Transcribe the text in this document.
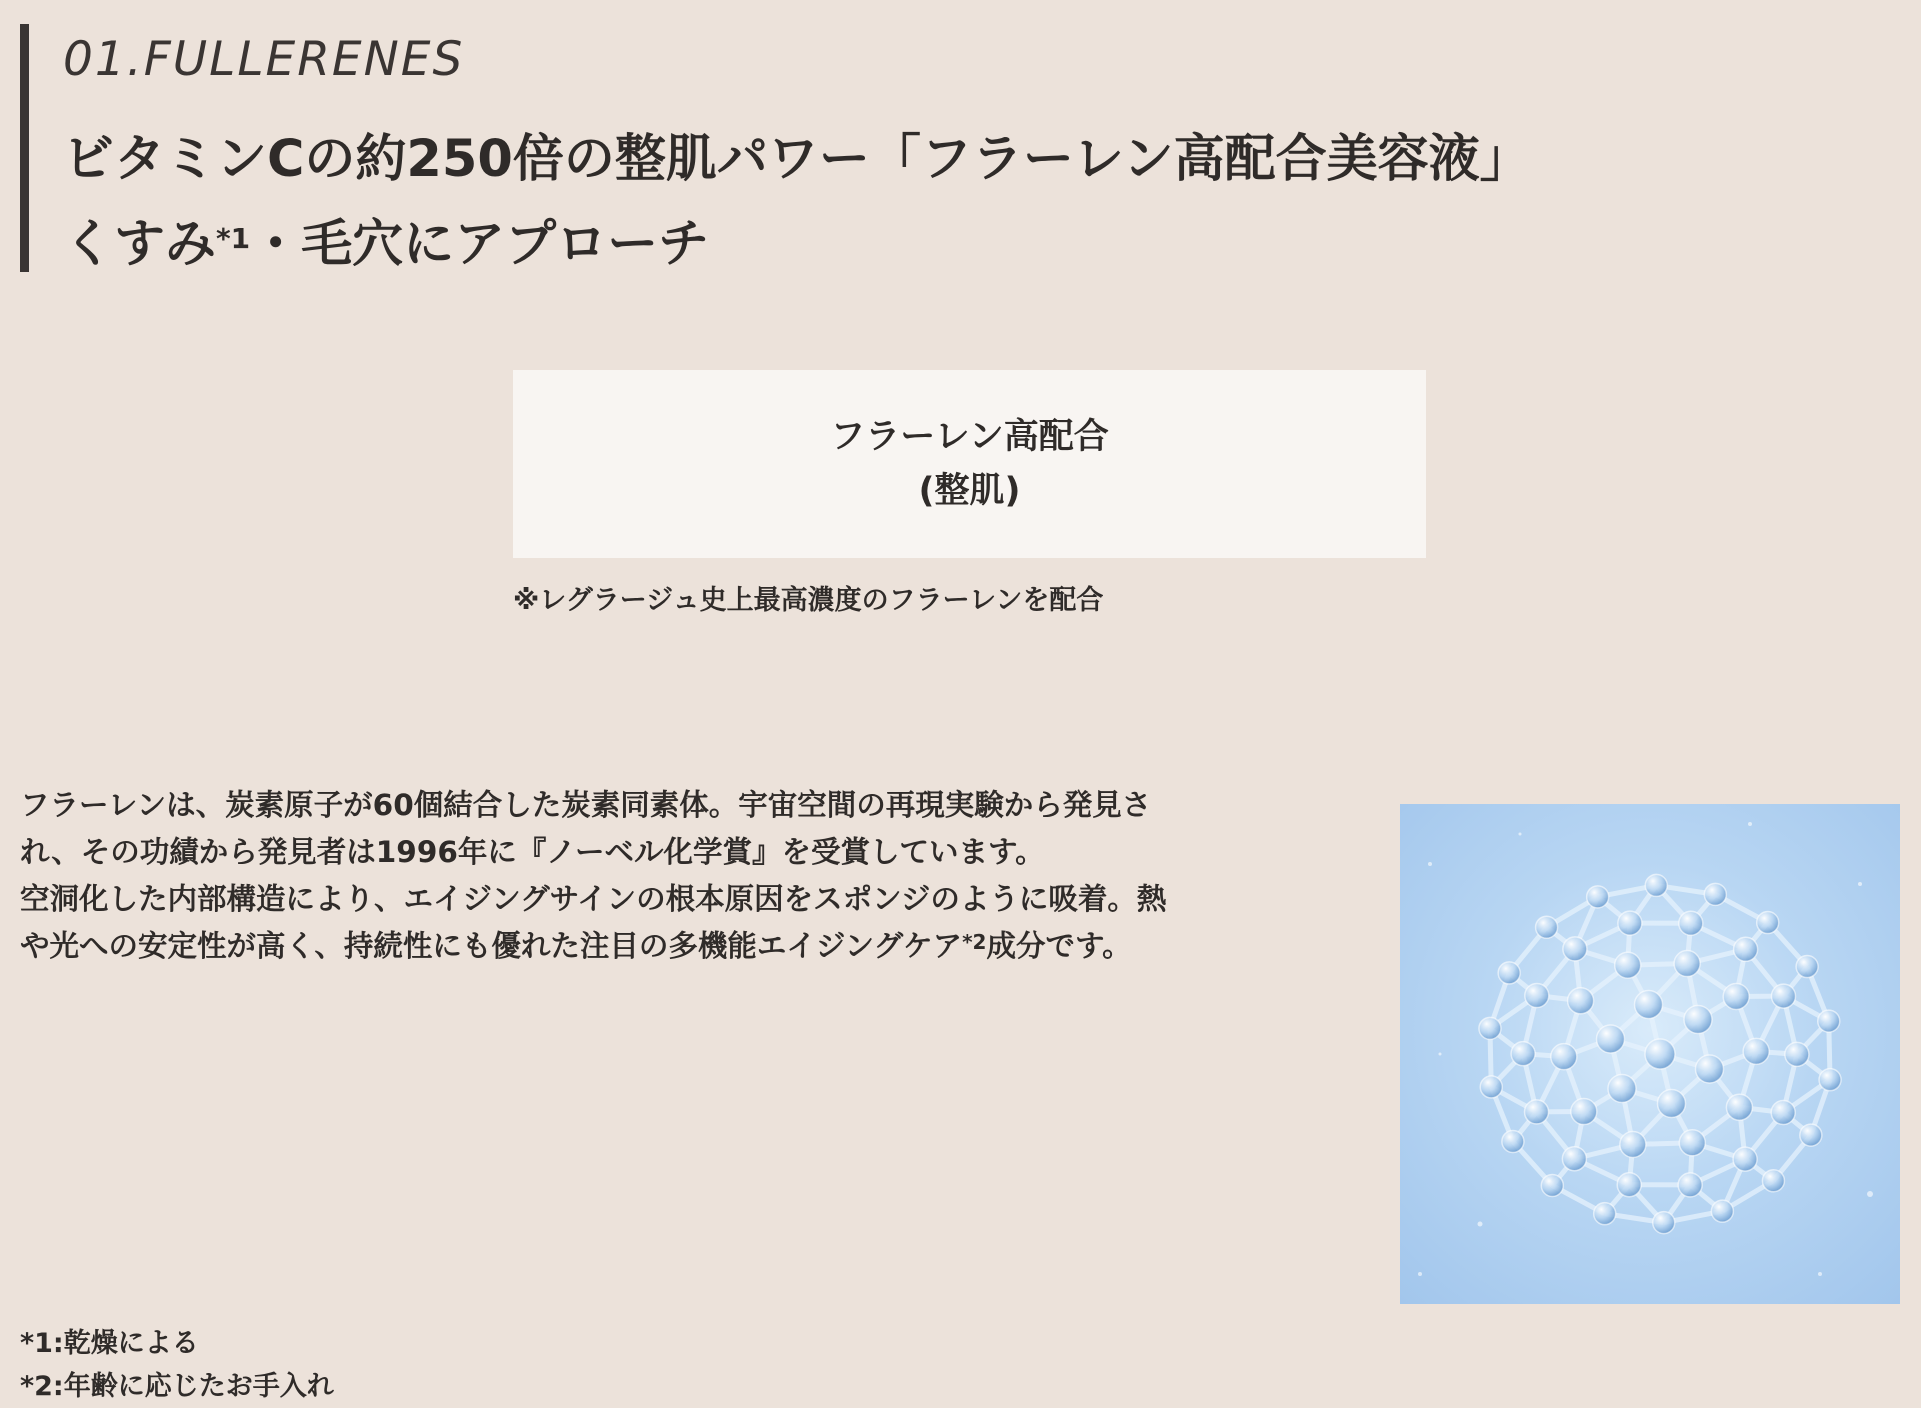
01.FULLERENES
ビタミンCの約250倍の整肌パワー「フラーレン高配合美容液」
くすみ$^{*1}$・毛穴にアプローチ
フラーレン高配合
(整肌)
※レグラージュ史上最高濃度のフラーレンを配合
フラーレンは、炭素原子が60個結合した炭素同素体。宇宙空間の再現実験から発見さ
れ、その功績から発見者は1996年に『ノーベル化学賞』を受賞しています。
空洞化した内部構造により、エイジングサインの根本原因をスポンジのように吸着。熱
や光への安定性が高く、持続性にも優れた注目の多機能エイジングケア$^{*2}$成分です。
*1:乾燥による
*2:年齢に応じたお手入れ
